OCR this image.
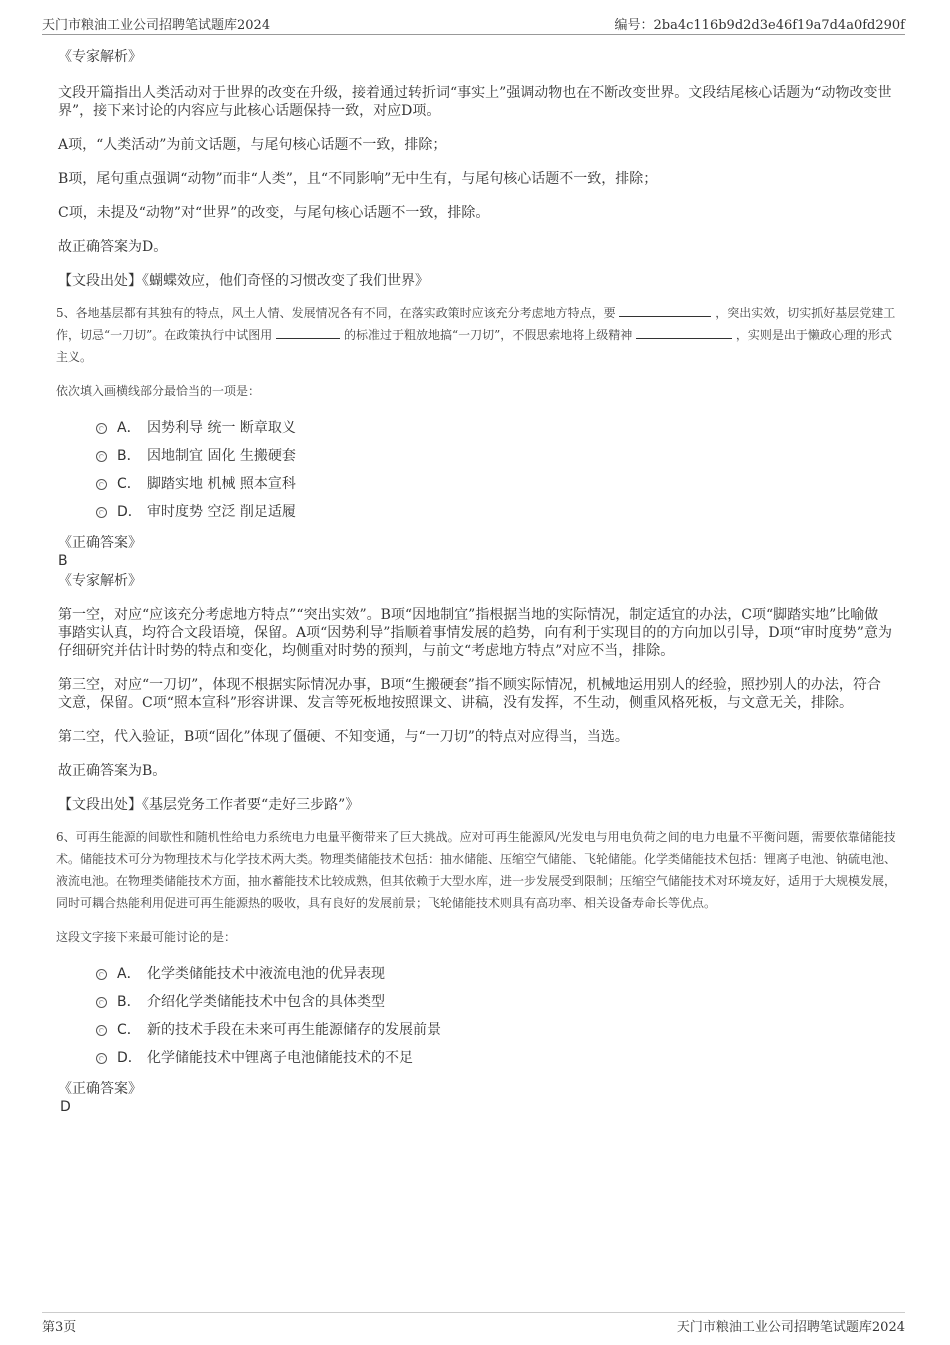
天门市粮油工业公司招聘笔试题库2024	编号：2ba4c116b9d2d3e46f19a7d4a0fd290f
《专家解析》
文段开篇指出人类活动对于世界的改变在升级，接着通过转折词“事实上”强调动物也在不断改变世界。文段结尾核心话题为“动物改变世界”，接下来讨论的内容应与此核心话题保持一致，对应D项。
A项，“人类活动”为前文话题，与尾句核心话题不一致，排除；
B项，尾句重点强调“动物”而非“人类”，且“不同影响”无中生有，与尾句核心话题不一致，排除；
C项，未提及“动物”对“世界”的改变，与尾句核心话题不一致，排除。
故正确答案为D。
【文段出处】《蝴蝶效应，他们奇怪的习惯改变了我们世界》
5、各地基层都有其独有的特点，风土人情、发展情况各有不同，在落实政策时应该充分考虑地方特点，要	，突出实效，切实抓好基层党建工作，切忌“一刀切”。在政策执行中试图用	的标准过于粗放地搞“一刀切”，不假思索地将上级精神	，实则是出于懒政心理的形式主义。
依次填入画横线部分最恰当的一项是：
A． 因势利导 统一 断章取义
B． 因地制宜 固化 生搬硬套
C． 脚踏实地 机械 照本宣科
D． 审时度势 空泛 削足适履
《正确答案》
B
《专家解析》
第一空，对应“应该充分考虑地方特点”“突出实效”。B项“因地制宜”指根据当地的实际情况，制定适宜的办法，C项“脚踏实地”比喻做事踏实认真，均符合文段语境，保留。A项“因势利导”指顺着事情发展的趋势，向有利于实现目的的方向加以引导，D项“审时度势”意为仔细研究并估计时势的特点和变化，均侧重对时势的预判，与前文“考虑地方特点”对应不当，排除。
第三空，对应“一刀切”，体现不根据实际情况办事，B项“生搬硬套”指不顾实际情况，机械地运用别人的经验，照抄别人的办法，符合文意，保留。C项“照本宣科”形容讲课、发言等死板地按照课文、讲稿，没有发挥，不生动，侧重风格死板，与文意无关，排除。
第二空，代入验证，B项“固化”体现了僵硬、不知变通，与“一刀切”的特点对应得当，当选。
故正确答案为B。
【文段出处】《基层党务工作者要“走好三步路”》
6、可再生能源的间歇性和随机性给电力系统电力电量平衡带来了巨大挑战。应对可再生能源风/光发电与用电负荷之间的电力电量不平衡问题，需要依靠储能技术。储能技术可分为物理技术与化学技术两大类。物理类储能技术包括：抽水储能、压缩空气储能、飞轮储能。化学类储能技术包括：锂离子电池、钠硫电池、液流电池。在物理类储能技术方面，抽水蓄能技术比较成熟，但其依赖于大型水库，进一步发展受到限制；压缩空气储能技术对环境友好，适用于大规模发展，同时可耦合热能利用促进可再生能源热的吸收，具有良好的发展前景；飞轮储能技术则具有高功率、相关设备寿命长等优点。
这段文字接下来最可能讨论的是：
A． 化学类储能技术中液流电池的优异表现
B． 介绍化学类储能技术中包含的具体类型
C． 新的技术手段在未来可再生能源储存的发展前景
D． 化学储能技术中锂离子电池储能技术的不足
《正确答案》
D
第3页	天门市粮油工业公司招聘笔试题库2024
